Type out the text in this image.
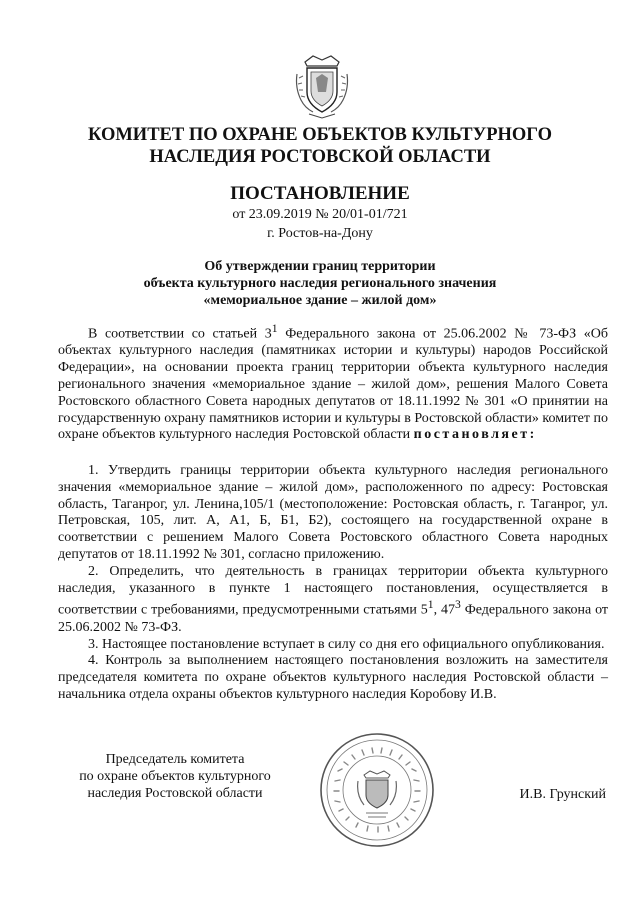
КОМИТЕТ ПО ОХРАНЕ ОБЪЕКТОВ КУЛЬТУРНОГО
НАСЛЕДИЯ РОСТОВСКОЙ ОБЛАСТИ
ПОСТАНОВЛЕНИЕ
от 23.09.2019 № 20/01-01/721
г. Ростов-на-Дону
Об утверждении границ территории
объекта культурного наследия регионального значения
«мемориальное здание – жилой дом»

В соответствии со статьей $3^1$ Федерального закона от 25.06.2002 № 73-ФЗ «Об объектах культурного наследия (памятниках истории и культуры) народов Российской Федерации», на основании проекта границ территории объекта культурного наследия регионального значения «мемориальное здание – жилой дом», решения Малого Совета Ростовского областного Совета народных депутатов от 18.11.1992 № 301 «О принятии на государственную охрану памятников истории и культуры в Ростовской области» комитет по охране объектов культурного наследия Ростовской области постановляет:

1. Утвердить границы территории объекта культурного наследия регионального значения «мемориальное здание – жилой дом», расположенного по адресу: Ростовская область, Таганрог, ул. Ленина,105/1 (местоположение: Ростовская область, г. Таганрог, ул. Петровская, 105, лит. А, А1, Б, Б1, Б2), состоящего на государственной охране в соответствии с решением Малого Совета Ростовского областного Совета народных депутатов от 18.11.1992 № 301, согласно приложению.

2. Определить, что деятельность в границах территории объекта культурного наследия, указанного в пункте 1 настоящего постановления, осуществляется в соответствии с требованиями, предусмотренными статьями $5^1$, $47^3$ Федерального закона от 25.06.2002 № 73-ФЗ.

3. Настоящее постановление вступает в силу со дня его официального опубликования.

4. Контроль за выполнением настоящего постановления возложить на заместителя председателя комитета по охране объектов культурного наследия Ростовской области – начальника отдела охраны объектов культурного наследия Коробову И.В.

Председатель комитета
по охране объектов культурного
наследия Ростовской области	И.В. Грунский
